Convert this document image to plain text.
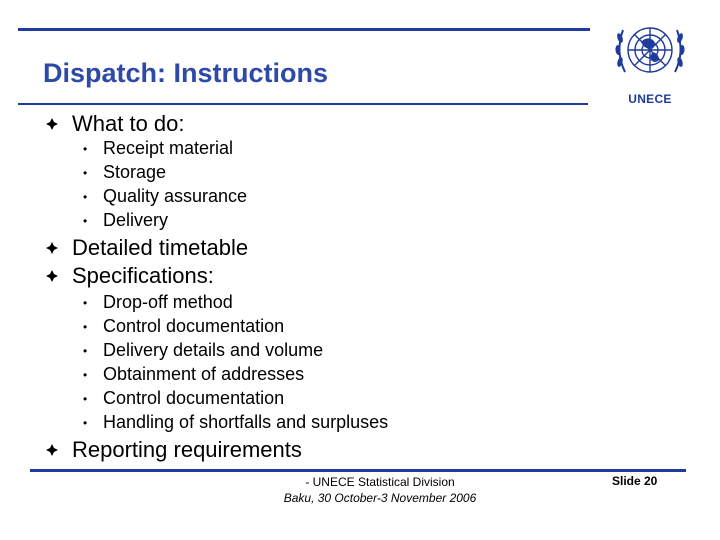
Dispatch: Instructions
UNECE
What to do:
• Receipt material
• Storage
• Quality assurance
• Delivery
Detailed timetable
Specifications:
• Drop-off method
• Control documentation
• Delivery details and volume
• Obtainment of addresses
• Control documentation
• Handling of shortfalls and surpluses
Reporting requirements
- UNECE Statistical Division
Baku, 30 October-3 November 2006
Slide 20
